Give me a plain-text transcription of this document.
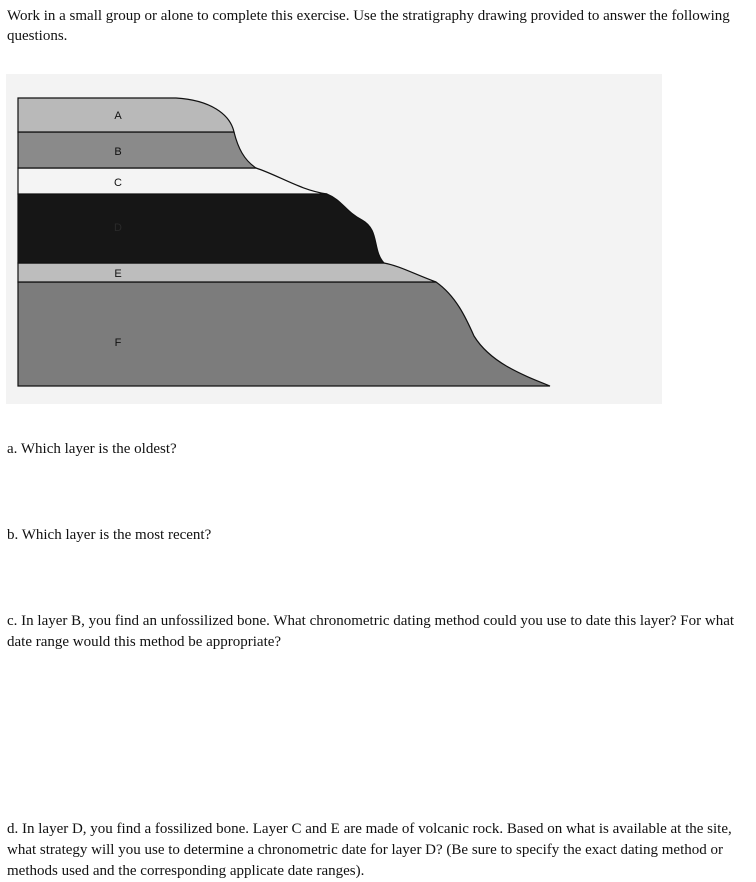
Work in a small group or alone to complete this exercise. Use the stratigraphy drawing provided to answer the following questions.
A
B
C
D
E
F
a. Which layer is the oldest?
b. Which layer is the most recent?
c. In layer B, you find an unfossilized bone. What chronometric dating method could you use to date this layer? For what date range would this method be appropriate?
d. In layer D, you find a fossilized bone. Layer C and E are made of volcanic rock. Based on what is available at the site, what strategy will you use to determine a chronometric date for layer D? (Be sure to specify the exact dating method or methods used and the corresponding applicate date ranges).
